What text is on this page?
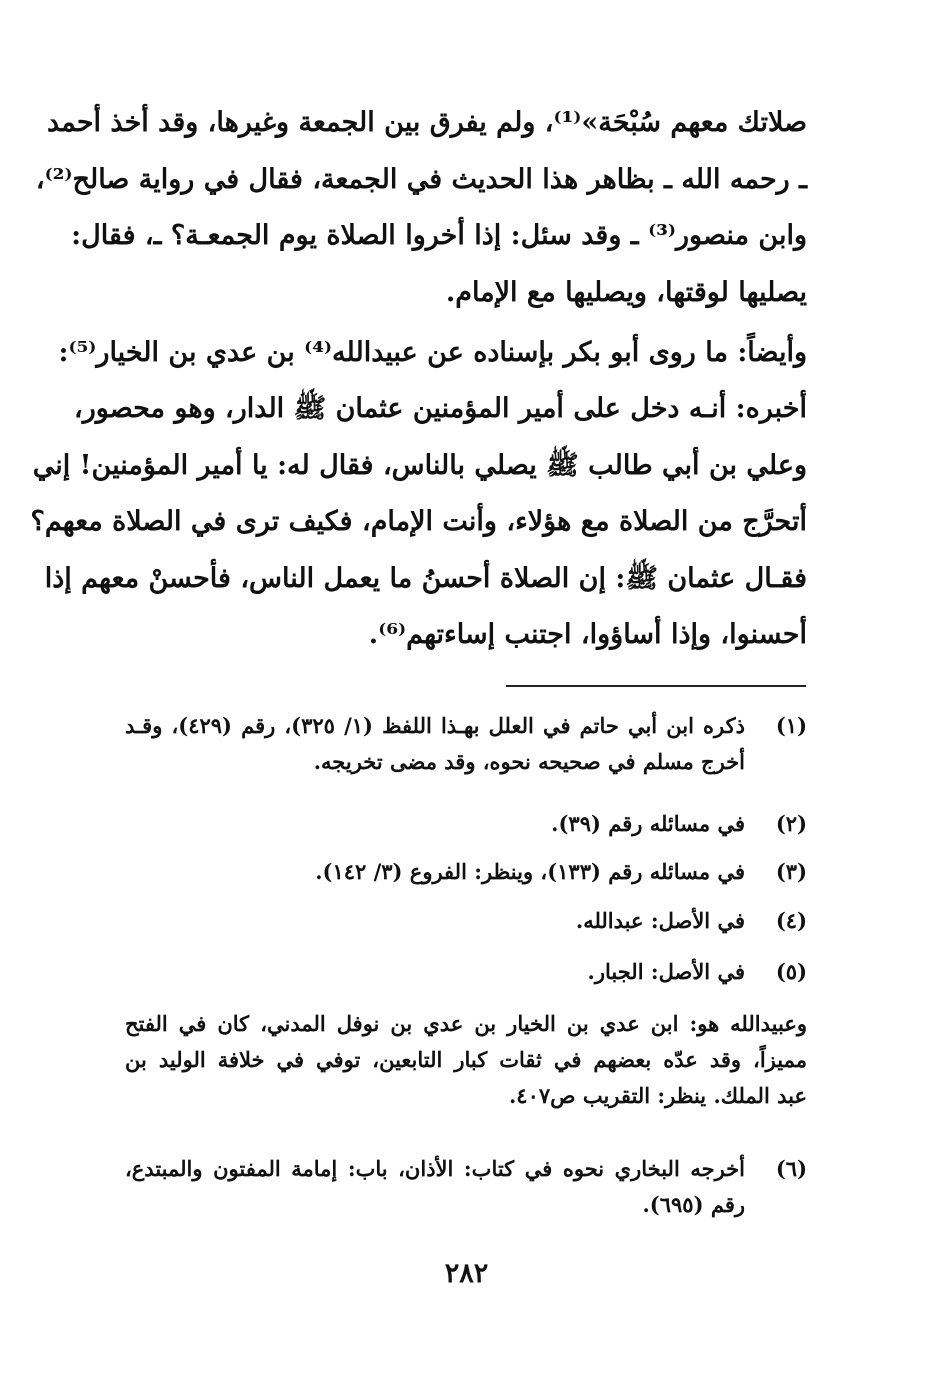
صلاتك معهم سُبْحَة»⁽¹⁾، ولم يفرق بين الجمعة وغيرها، وقد أخذ أحمد
ـ رحمه الله ـ بظاهر هذا الحديث في الجمعة، فقال في رواية صالح⁽²⁾،
وابن منصور⁽³⁾ ـ وقد سئل: إذا أخروا الصلاة يوم الجمعـة؟ ـ، فقال:
يصليها لوقتها، ويصليها مع الإمام.
وأيضاً: ما روى أبو بكر بإسناده عن عبيدالله⁽⁴⁾ بن عدي بن الخيار⁽⁵⁾:
أخبره: أنـه دخل على أمير المؤمنين عثمان ﷺ الدار، وهو محصور،
وعلي بن أبي طالب ﷺ يصلي بالناس، فقال له: يا أمير المؤمنين! إني
أتحرَّج من الصلاة مع هؤلاء، وأنت الإمام، فكيف ترى في الصلاة معهم؟
فقـال عثمان ﷺ: إن الصلاة أحسنُ ما يعمل الناس، فأحسنْ معهم إذا
أحسنوا، وإذا أساؤوا، اجتنب إساءتهم⁽⁶⁾.
(١)
ذكره ابن أبي حاتم في العلل بهـذا اللفظ (١/ ٣٢٥)، رقم (٤٢٩)، وقـد
أخرج مسلم في صحيحه نحوه، وقد مضى تخريجه.
(٢)
في مسائله رقم (٣٩).
(٣)
في مسائله رقم (١٣٣)، وينظر: الفروع (٣/ ١٤٢).
(٤)
في الأصل: عبدالله.
(٥)
في الأصل: الجبار.
وعبيدالله هو: ابن عدي بن الخيار بن عدي بن نوفل المدني، كان في الفتح
مميزاً، وقد عدّه بعضهم في ثقات كبار التابعين، توفي في خلافة الوليد بن
عبد الملك. ينظر: التقريب ص٤٠٧.
(٦)
أخرجه البخاري نحوه في كتاب: الأذان، باب: إمامة المفتون والمبتدع،
رقم (٦٩٥).
٢٨٢
